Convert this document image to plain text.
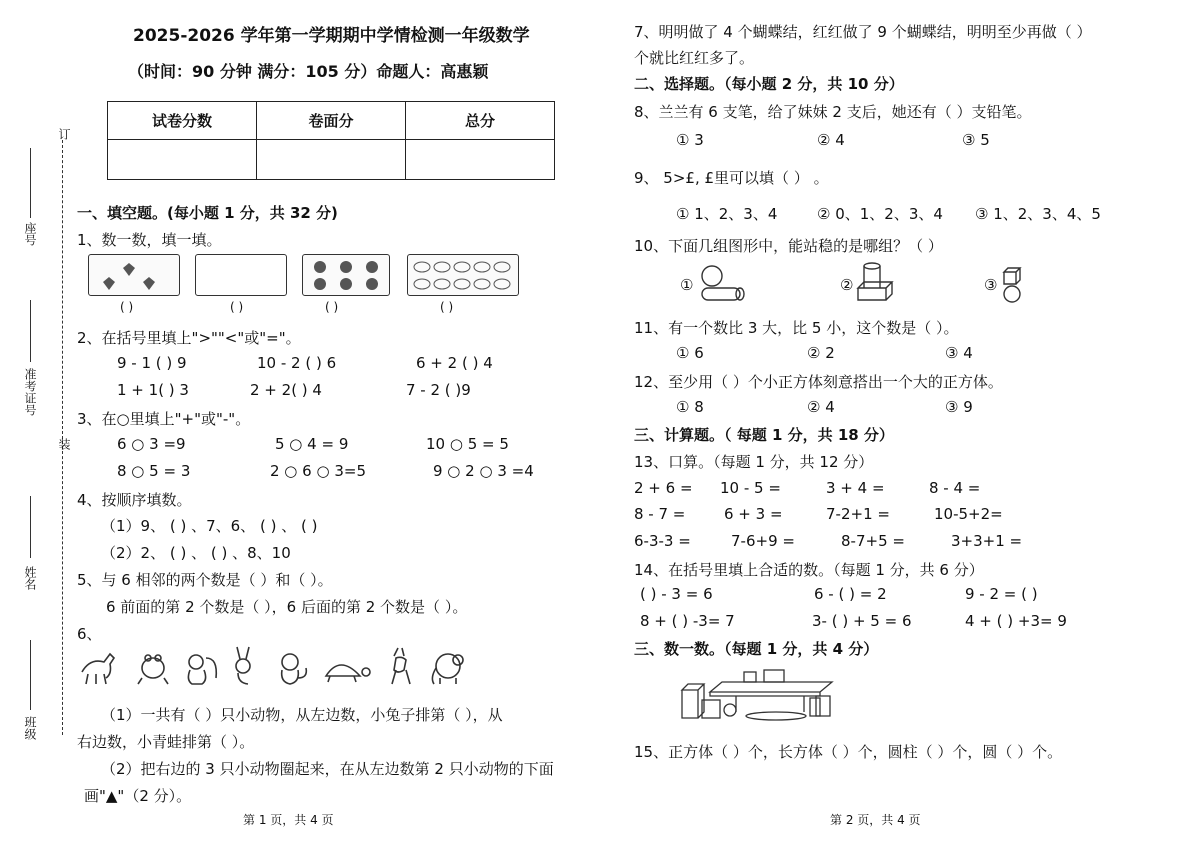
订
装
座号
准考证号
姓名
班级
2025-2026 学年第一学期期中学情检测一年级数学
（时间：90 分钟 满分：105 分）命题人：高惠颖
试卷分数	卷面分	总分

一、填空题。(每小题 1 分，共 32 分)
1、数一数，填一填。
( )	( )	( )	( )
2、在括号里填上">""<"或"="。
9 - 1 ( ) 9	10 - 2 ( ) 6	6 + 2 ( ) 4
1 + 1( ) 3	2 + 2( ) 4	7 - 2 ( )9
3、在○里填上"+"或"-"。
6 ○ 3 =9	5 ○ 4 = 9	10 ○ 5 = 5
8 ○ 5 = 3	2 ○ 6 ○ 3=5	9 ○ 2 ○ 3 =4
4、按顺序填数。
（1）9、 ( ) 、7、6、 ( ) 、 ( )
（2）2、 ( ) 、 ( ) 、8、10
5、与 6 相邻的两个数是（ ）和（ ）。
6 前面的第 2 个数是（ ），6 后面的第 2 个数是（ ）。
6、
（1）一共有（ ）只小动物，从左边数，小兔子排第（ ），从
右边数，小青蛙排第（ ）。
（2）把右边的 3 只小动物圈起来，在从左边数第 2 只小动物的下面
画"▲"（2 分）。
第 1 页，共 4 页
7、明明做了 4 个蝴蝶结，红红做了 9 个蝴蝶结，明明至少再做（ ）
个就比红红多了。
二、选择题。（每小题 2 分，共 10 分）
8、兰兰有 6 支笔，给了妹妹 2 支后，她还有（ ）支铅笔。
① 3	② 4	③ 5
9、 5>£, £里可以填（ ） 。
① 1、2、3、4	② 0、1、2、3、4 ③ 1、2、3、4、5
10、下面几组图形中，能站稳的是哪组？（ ）
①	②	③
11、有一个数比 3 大，比 5 小，这个数是（ ）。
① 6	② 2	③ 4
12、至少用（ ）个小正方体刻意搭出一个大的正方体。
① 8	② 4	③ 9
三、计算题。（ 每题 1 分，共 18 分）
13、口算。（每题 1 分，共 12 分）
2 + 6 = 10 - 5 =	3 + 4 =	8 - 4 =
8 - 7 =	6 + 3 =	7-2+1 =	10-5+2=
6-3-3 =	7-6+9 =	8-7+5 =	3+3+1 =
14、在括号里填上合适的数。（每题 1 分，共 6 分）
( ) - 3 = 6	6 - ( ) = 2	9 - 2 = ( )
8 + ( ) -3= 7	3- ( ) + 5 = 6	4 + ( ) +3= 9
三、数一数。（每题 1 分，共 4 分）
15、正方体（ ）个，长方体（ ）个，圆柱（ ）个，圆（ ）个。
第 2 页，共 4 页
